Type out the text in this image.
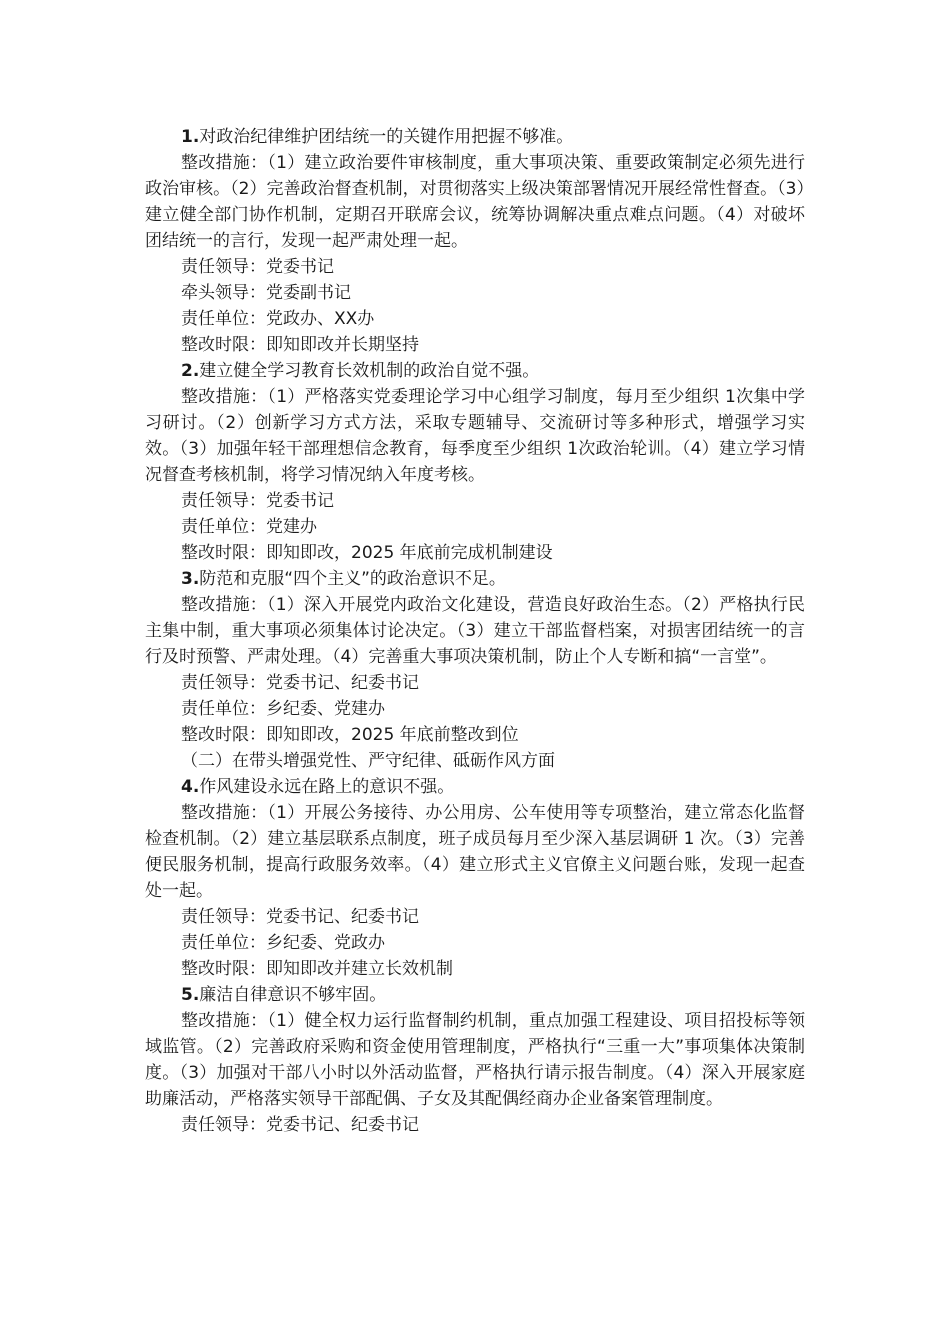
1.对政治纪律维护团结统一的关键作用把握不够准。

整改措施：（1）建立政治要件审核制度，重大事项决策、重要政策制定必须先进行政治审核。（2）完善政治督查机制，对贯彻落实上级决策部署情况开展经常性督查。（3）建立健全部门协作机制，定期召开联席会议，统筹协调解决重点难点问题。（4）对破坏团结统一的言行，发现一起严肃处理一起。

责任领导：党委书记

牵头领导：党委副书记

责任单位：党政办、XX办

整改时限：即知即改并长期坚持

2.建立健全学习教育长效机制的政治自觉不强。

整改措施：（1）严格落实党委理论学习中心组学习制度，每月至少组织 1次集中学习研讨。（2）创新学习方式方法，采取专题辅导、交流研讨等多种形式，增强学习实效。（3）加强年轻干部理想信念教育，每季度至少组织 1次政治轮训。（4）建立学习情况督查考核机制，将学习情况纳入年度考核。

责任领导：党委书记

责任单位：党建办

整改时限：即知即改，2025 年底前完成机制建设

3.防范和克服“四个主义”的政治意识不足。

整改措施：（1）深入开展党内政治文化建设，营造良好政治生态。（2）严格执行民主集中制，重大事项必须集体讨论决定。（3）建立干部监督档案，对损害团结统一的言行及时预警、严肃处理。（4）完善重大事项决策机制，防止个人专断和搞“一言堂”。

责任领导：党委书记、纪委书记

责任单位：乡纪委、党建办

整改时限：即知即改，2025 年底前整改到位

（二）在带头增强党性、严守纪律、砥砺作风方面

4.作风建设永远在路上的意识不强。

整改措施：（1）开展公务接待、办公用房、公车使用等专项整治，建立常态化监督检查机制。（2）建立基层联系点制度，班子成员每月至少深入基层调研 1 次。（3）完善便民服务机制，提高行政服务效率。（4）建立形式主义官僚主义问题台账，发现一起查处一起。

责任领导：党委书记、纪委书记

责任单位：乡纪委、党政办

整改时限：即知即改并建立长效机制

5.廉洁自律意识不够牢固。

整改措施：（1）健全权力运行监督制约机制，重点加强工程建设、项目招投标等领域监管。（2）完善政府采购和资金使用管理制度，严格执行“三重一大”事项集体决策制度。（3）加强对干部八小时以外活动监督，严格执行请示报告制度。（4）深入开展家庭助廉活动，严格落实领导干部配偶、子女及其配偶经商办企业备案管理制度。

责任领导：党委书记、纪委书记
